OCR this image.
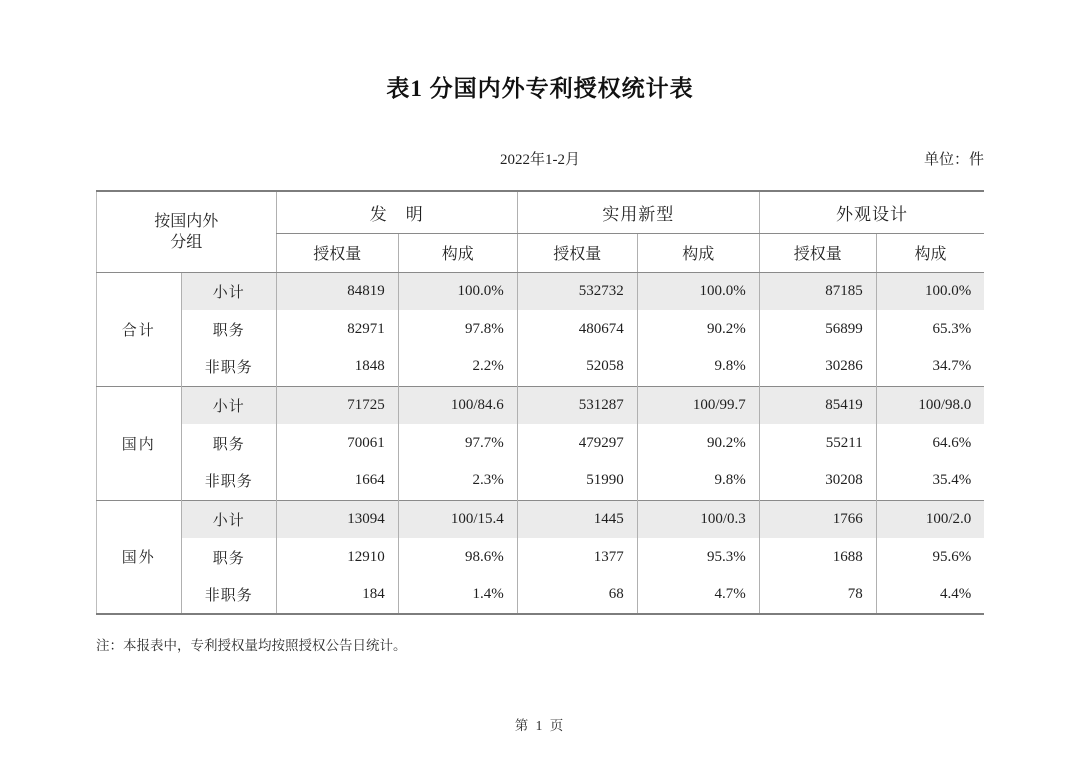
表1 分国内外专利授权统计表
2022年1-2月	单位：件
按国内外
分组		发　明		实用新型		外观设计	
		授权量	构成	授权量	构成	授权量	构成
合计	小计	84819	100.0%	532732	100.0%	87185	100.0%
	职务	82971	97.8%	480674	90.2%	56899	65.3%
	非职务	1848	2.2%	52058	9.8%	30286	34.7%
国内	小计	71725	100/84.6	531287	100/99.7	85419	100/98.0
	职务	70061	97.7%	479297	90.2%	55211	64.6%
	非职务	1664	2.3%	51990	9.8%	30208	35.4%
国外	小计	13094	100/15.4	1445	100/0.3	1766	100/2.0
	职务	12910	98.6%	1377	95.3%	1688	95.6%
	非职务	184	1.4%	68	4.7%	78	4.4%
注：本报表中，专利授权量均按照授权公告日统计。
第 1 页
